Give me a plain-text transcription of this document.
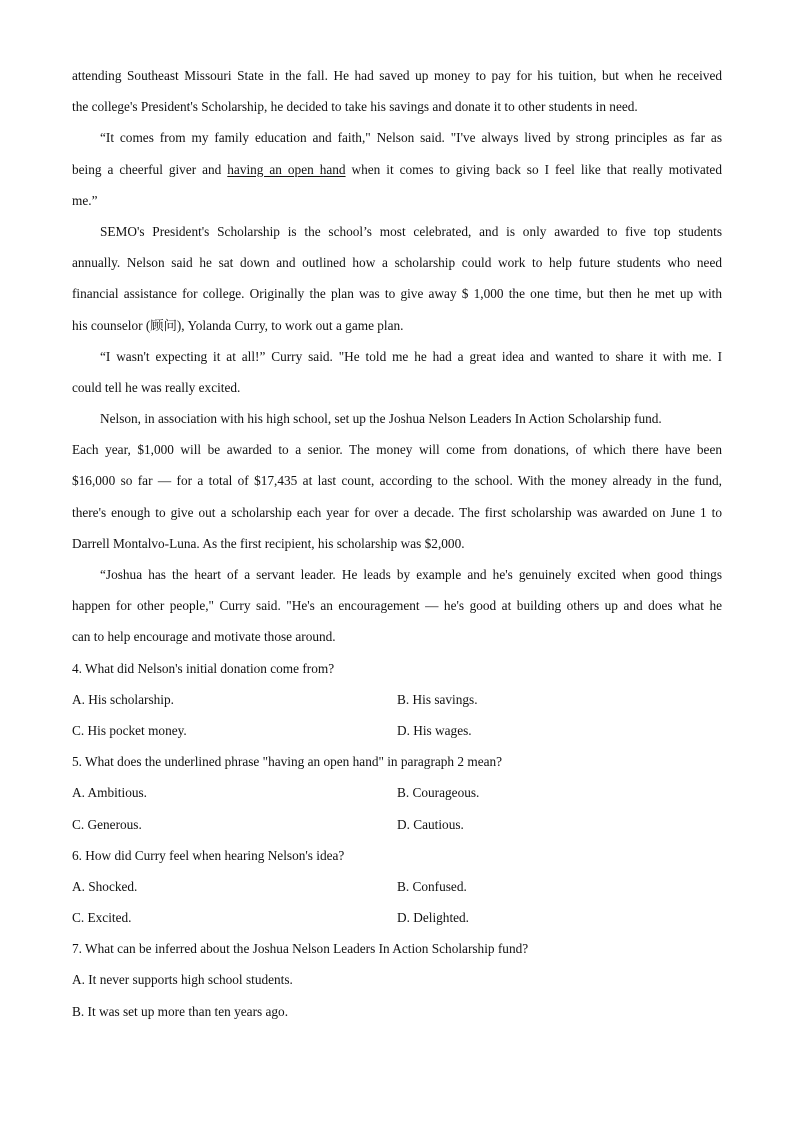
attending Southeast Missouri State in the fall. He had saved up money to pay for his tuition, but when he received
the college's President's Scholarship, he decided to take his savings and donate it to other students in need.
“It comes from my family education and faith," Nelson said. "I've always lived by strong principles as far as
being a cheerful giver and having an open hand when it comes to giving back so I feel like that really motivated
me.”
SEMO's President's Scholarship is the school’s most celebrated, and is only awarded to five top students
annually. Nelson said he sat down and outlined how a scholarship could work to help future students who need
financial assistance for college. Originally the plan was to give away $ 1,000 the one time, but then he met up with
his counselor (顾问), Yolanda Curry, to work out a game plan.
“I wasn't expecting it at all!” Curry said. "He told me he had a great idea and wanted to share it with me. I
could tell he was really excited.
Nelson, in association with his high school, set up the Joshua Nelson Leaders In Action Scholarship fund.
Each year, $1,000 will be awarded to a senior. The money will come from donations, of which there have been
$16,000 so far — for a total of $17,435 at last count, according to the school. With the money already in the fund,
there's enough to give out a scholarship each year for over a decade. The first scholarship was awarded on June 1 to
Darrell Montalvo-Luna. As the first recipient, his scholarship was $2,000.
“Joshua has the heart of a servant leader. He leads by example and he's genuinely excited when good things
happen for other people," Curry said. "He's an encouragement — he's good at building others up and does what he
can to help encourage and motivate those around.
4. What did Nelson's initial donation come from?
A. His scholarship.	B. His savings.
C. His pocket money.	D. His wages.
5. What does the underlined phrase "having an open hand" in paragraph 2 mean?
A. Ambitious.	B. Courageous.
C. Generous.	D. Cautious.
6. How did Curry feel when hearing Nelson's idea?
A. Shocked.	B. Confused.
C. Excited.	D. Delighted.
7. What can be inferred about the Joshua Nelson Leaders In Action Scholarship fund?
A. It never supports high school students.
B. It was set up more than ten years ago.
